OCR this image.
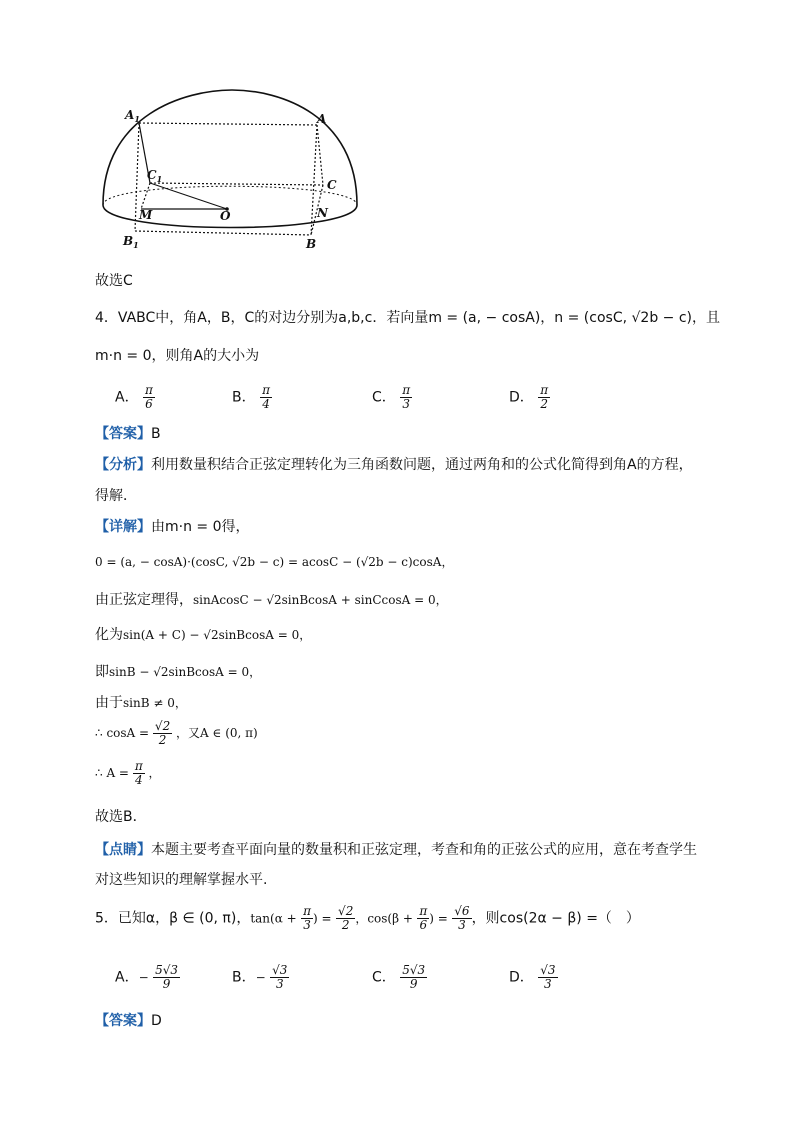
$A_1$	A
$C_1$	C
M	O	N
$B_1$	B
故选C
4．VABC中，角A，B，C的对边分别为a,b,c．若向量m = (a, − cosA)，n = (cosC, √2b − c)，且
m·n = 0，则角A的大小为
A． $\frac{\pi}{6}$	B． $\frac{\pi}{4}$	C． $\frac{\pi}{3}$	D． $\frac{\pi}{2}$
【答案】B
【分析】利用数量积结合正弦定理转化为三角函数问题，通过两角和的公式化简得到角A的方程，
得解．
【详解】由m·n = 0得，
0 = (a, − cosA)·(cosC, √2b − c) = acosC − (√2b − c)cosA，
由正弦定理得，sinAcosC − √2sinBcosA + sinCcosA = 0，
化为sin(A + C) − √2sinBcosA = 0，
即sinB − √2sinBcosA = 0，
由于sinB ≠ 0，
∴ $\cos A = \frac{√2}{2}$ ，又A ∈ (0, π)
∴ $A = \frac{\pi}{4}$ ，
故选B．
【点睛】本题主要考查平面向量的数量积和正弦定理，考查和角的正弦公式的应用，意在考查学生
对这些知识的理解掌握水平.
5．已知α，β ∈ (0, π)，$\tan(\alpha + \frac{\pi}{3}$ ) = $\frac{√2}{2}$ ，$\cos(\beta + \frac{\pi}{6}$ ) = $\frac{√6}{3}$ ，则cos(2α − β) =（　）
A．− $\frac{5√3}{9}$	B．− $\frac{√3}{3}$	C． $\frac{5√3}{9}$	D． $\frac{√3}{3}$
【答案】D
